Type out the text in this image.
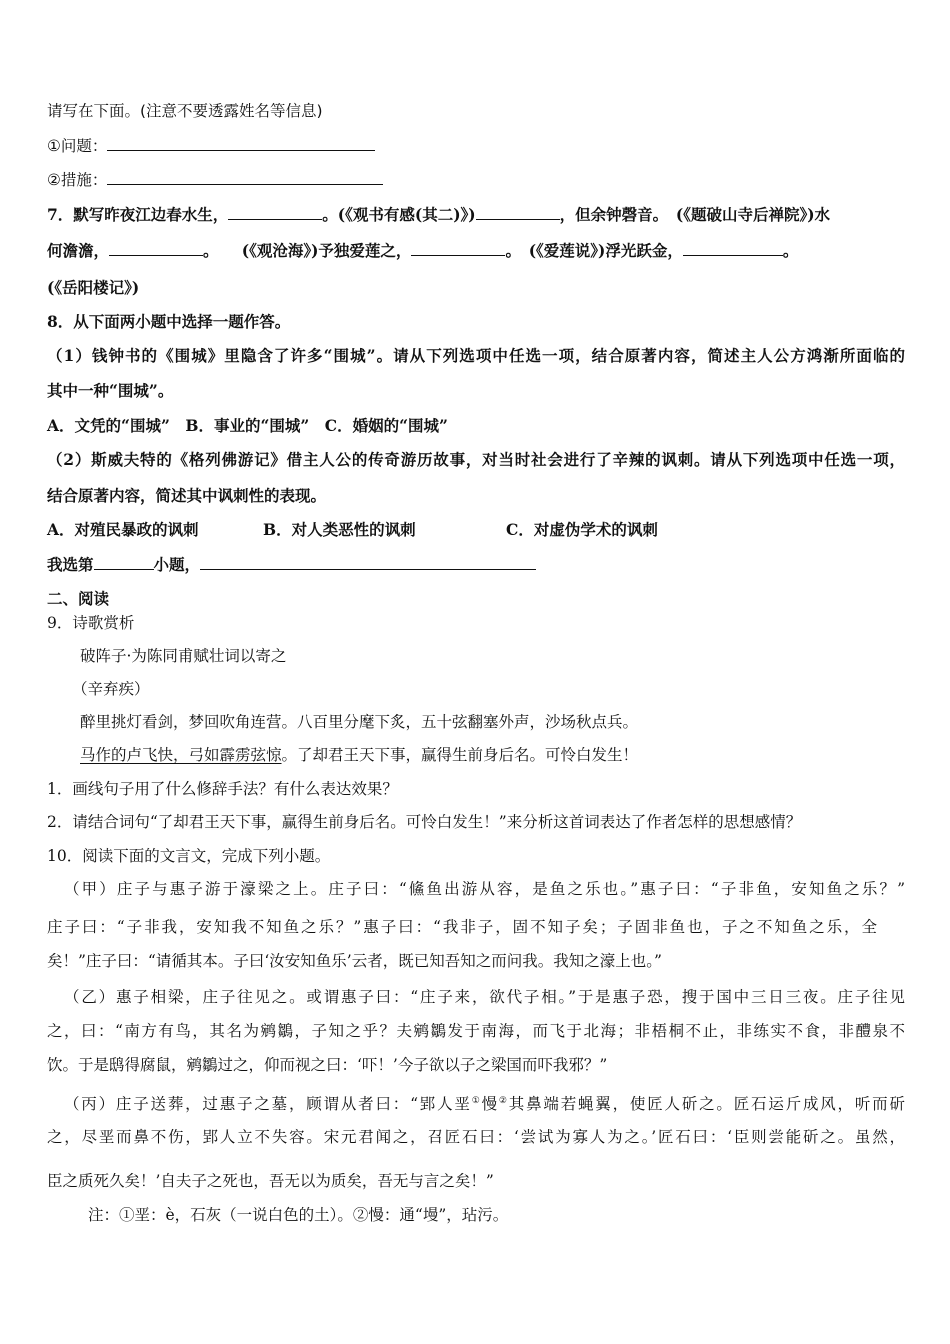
请写在下面。(注意不要透露姓名等信息)
①问题：
②措施：
7．默写昨夜江边春水生，	。(《观书有感(其二)》)	，但余钟磬音。　(《题破山寺后禅院》)水
何澹澹，	。　　(《观沧海》)予独爱莲之，	。　(《爱莲说》)浮光跃金，	。
(《岳阳楼记》)
8．从下面两小题中选择一题作答。
（1）钱钟书的《围城》里隐含了许多“围城”。请从下列选项中任选一项，结合原著内容，简述主人公方鸿渐所面临的
其中一种“围城”。
A．文凭的“围城”　B．事业的“围城”　C．婚姻的“围城”
（2）斯威夫特的《格列佛游记》借主人公的传奇游历故事，对当时社会进行了辛辣的讽刺。请从下列选项中任选一项，
结合原著内容，简述其中讽刺性的表现。
A．对殖民暴政的讽刺	B．对人类恶性的讽刺	C．对虚伪学术的讽刺
我选第	小题，
二、阅读
9．诗歌赏析
破阵子·为陈同甫赋壮词以寄之
（辛弃疾）
醉里挑灯看剑，梦回吹角连营。八百里分麾下炙，五十弦翻塞外声，沙场秋点兵。
马作的卢飞快，弓如霹雳弦惊。了却君王天下事，赢得生前身后名。可怜白发生！
1．画线句子用了什么修辞手法？有什么表达效果？
2．请结合词句“了却君王天下事，赢得生前身后名。可怜白发生！”来分析这首词表达了作者怎样的思想感情？
10．阅读下面的文言文，完成下列小题。
（甲）庄子与惠子游于濠梁之上。庄子曰：“鯈鱼出游从容，是鱼之乐也。”惠子曰：“子非鱼，安知鱼之乐？”
庄子曰：“子非我，安知我不知鱼之乐？”惠子曰：“我非子，固不知子矣；子固非鱼也，子之不知鱼之乐，全
矣！”庄子曰：“请循其本。子曰‘汝安知鱼乐’云者，既已知吾知之而问我。我知之濠上也。”
（乙）惠子相梁，庄子往见之。或谓惠子曰：“庄子来，欲代子相。”于是惠子恐，搜于国中三日三夜。庄子往见
之，曰：“南方有鸟，其名为鹓鶵，子知之乎？夫鹓鶵发于南海，而飞于北海；非梧桐不止，非练实不食，非醴泉不
饮。于是鸱得腐鼠，鹓鶵过之，仰而视之曰：‘吓！’今子欲以子之梁国而吓我邪？”
（丙）庄子送葬，过惠子之墓，顾谓从者曰：“郢人垩①慢②其鼻端若蝇翼，使匠人斫之。匠石运斤成风，听而斫
之，尽垩而鼻不伤，郢人立不失容。宋元君闻之，召匠石曰：‘尝试为寡人为之。’匠石曰：‘臣则尝能斫之。虽然，
臣之质死久矣！’自夫子之死也，吾无以为质矣，吾无与言之矣！”
注：①垩：è，石灰（一说白色的土）。②慢：通“墁”，玷污。
